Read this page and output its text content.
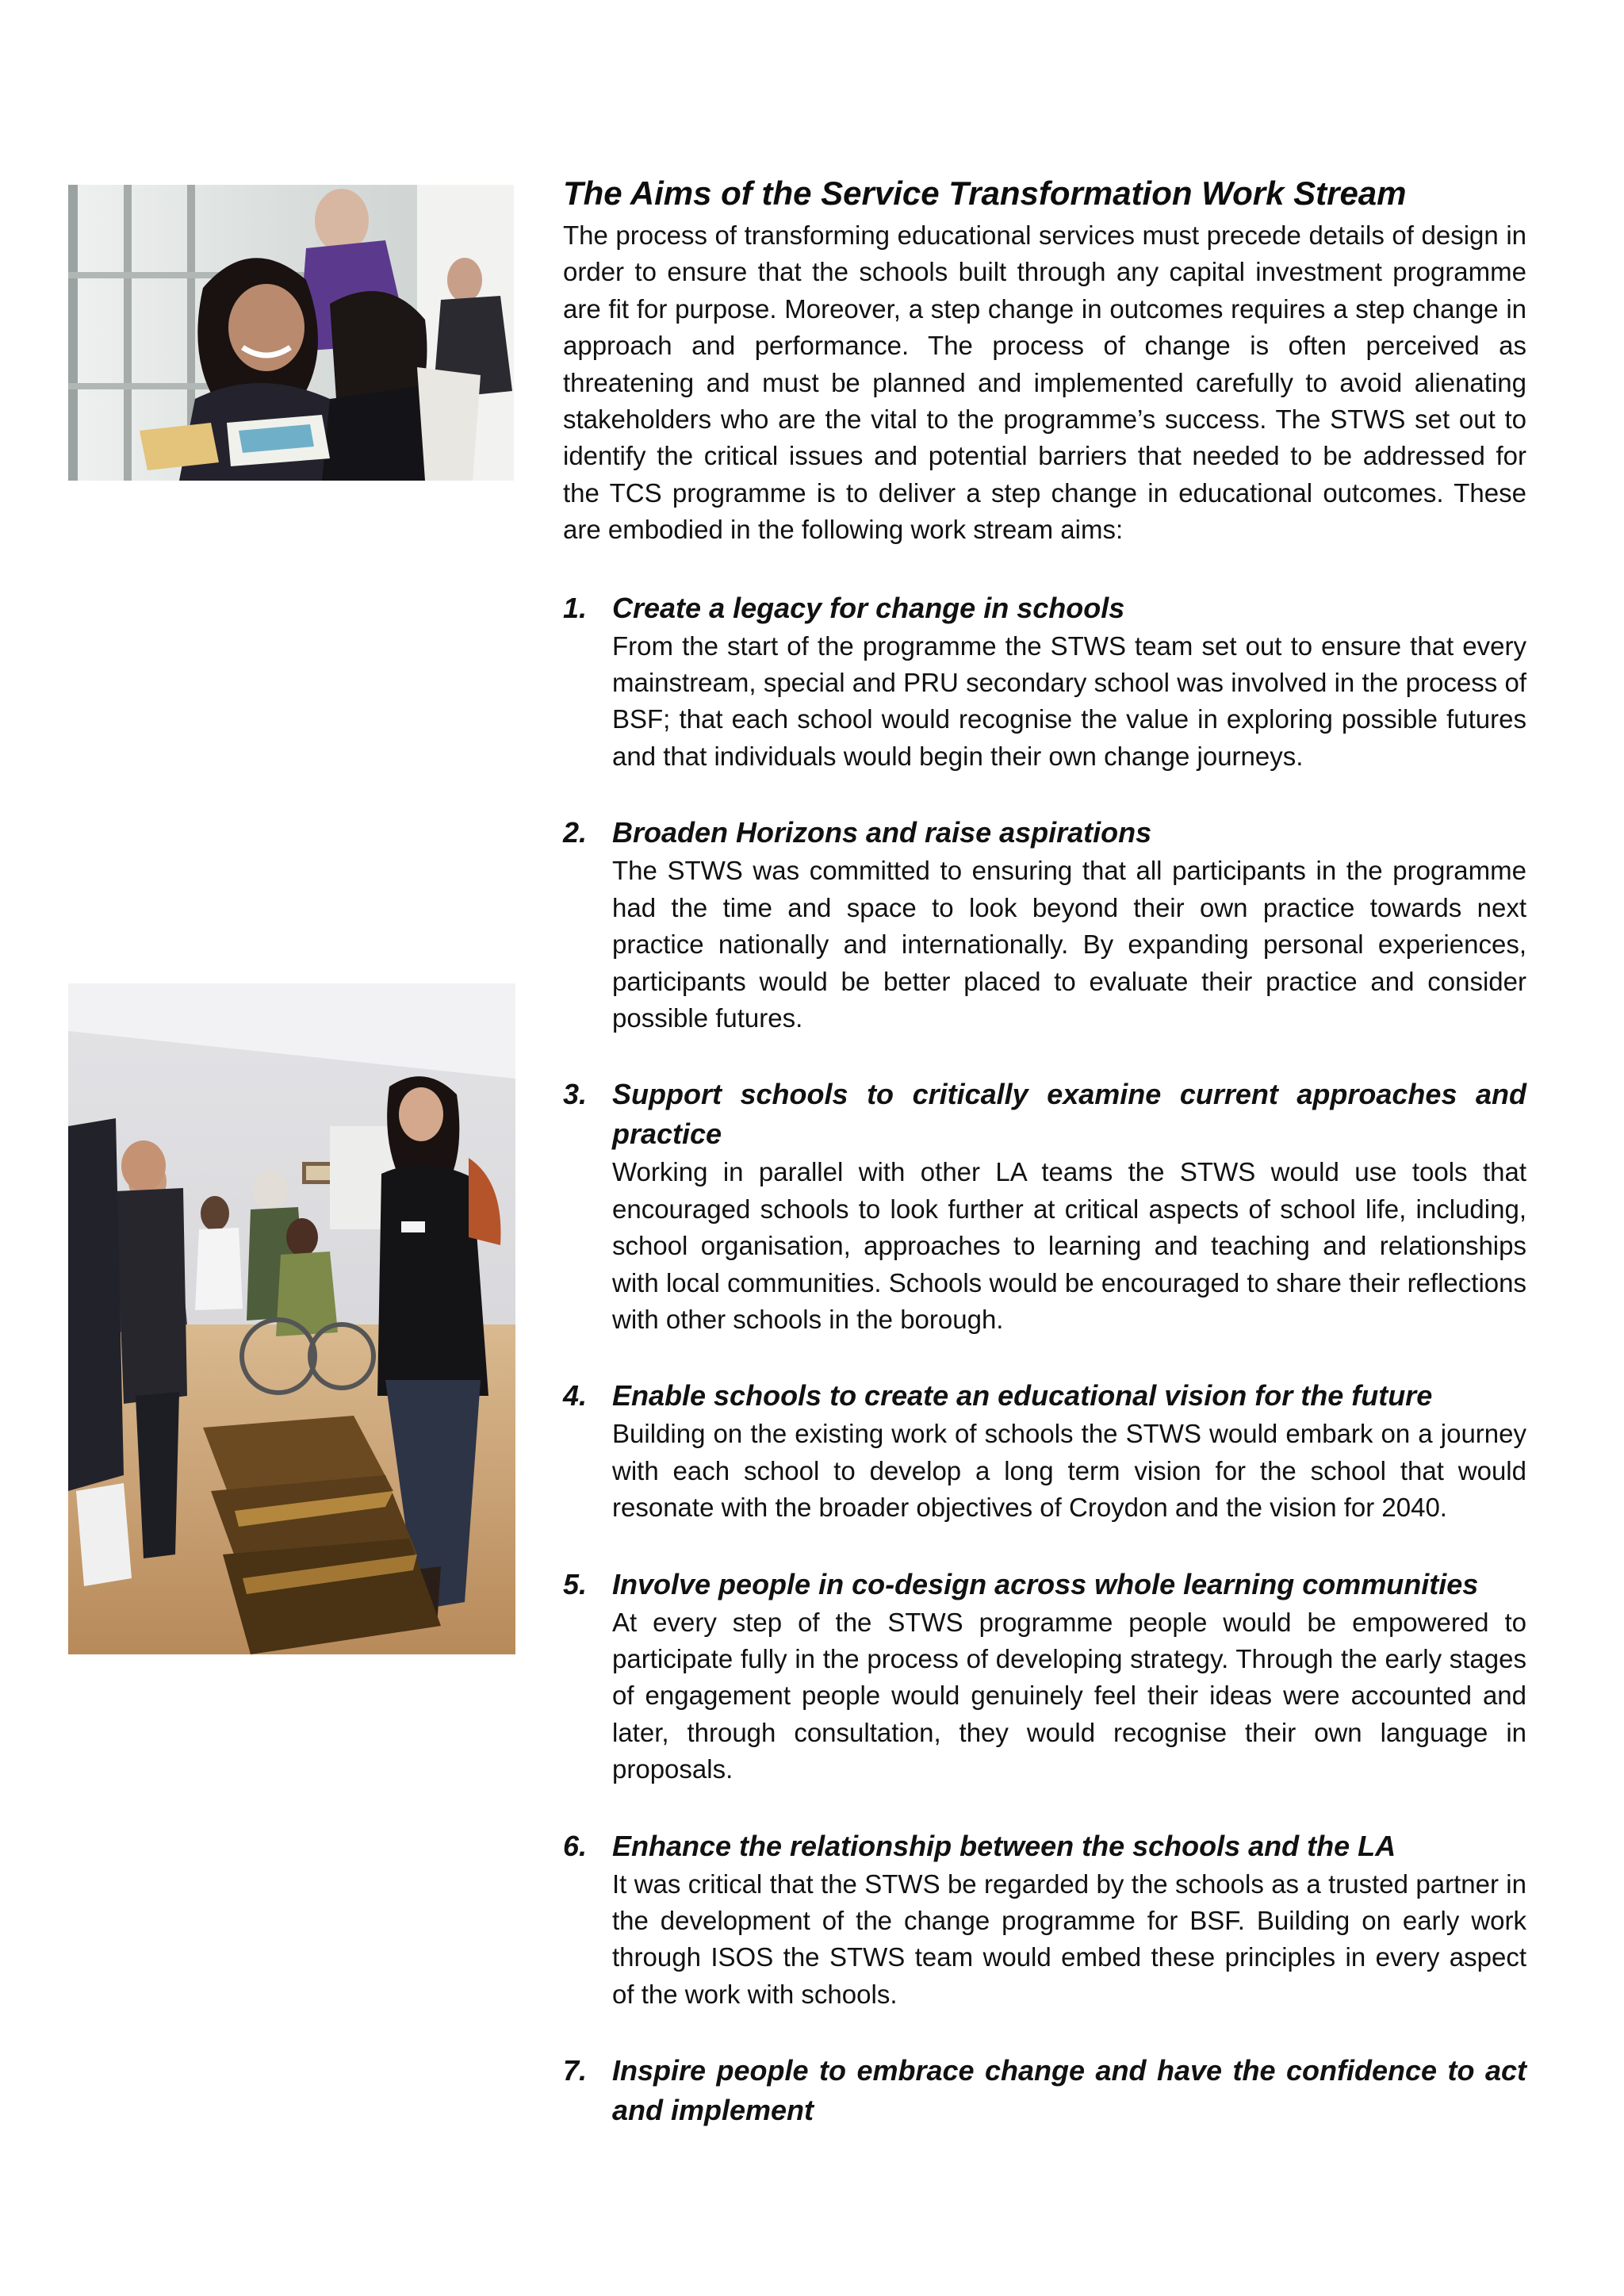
The Aims of the Service Transformation Work Stream

The process of transforming educational services must precede details of design in order to ensure that the schools built through any capital investment programme are fit for purpose. Moreover, a step change in outcomes requires a step change in approach and performance. The process of change is often perceived as threatening and must be planned and implemented carefully to avoid alienating stakeholders who are the vital to the programme’s success. The STWS set out to identify the critical issues and potential barriers that needed to be addressed for the TCS programme is to deliver a step change in educational outcomes. These are embodied in the following work stream aims:

1. Create a legacy for change in schools
From the start of the programme the STWS team set out to ensure that every mainstream, special and PRU secondary school was involved in the process of BSF; that each school would recognise the value in exploring possible futures and that individuals would begin their own change journeys.
2. Broaden Horizons and raise aspirations
The STWS was committed to ensuring that all participants in the programme had the time and space to look beyond their own practice towards next practice nationally and internationally. By expanding personal experiences, participants would be better placed to evaluate their practice and consider possible futures.
3. Support schools to critically examine current approaches and practice
Working in parallel with other LA teams the STWS would use tools that encouraged schools to look further at critical aspects of school life, including, school organisation, approaches to learning and teaching and relationships with local communities. Schools would be encouraged to share their reflections with other schools in the borough.
4. Enable schools to create an educational vision for the future
Building on the existing work of schools the STWS would embark on a journey with each school to develop a long term vision for the school that would resonate with the broader objectives of Croydon and the vision for 2040.
5. Involve people in co-design across whole learning communities
At every step of the STWS programme people would be empowered to participate fully in the process of developing strategy. Through the early stages of engagement people would genuinely feel their ideas were accounted and later, through consultation, they would recognise their own language in proposals.
6. Enhance the relationship between the schools and the LA
It was critical that the STWS be regarded by the schools as a trusted partner in the development of the change programme for BSF. Building on early work through ISOS the STWS team would embed these principles in every aspect of the work with schools.
7. Inspire people to embrace change and have the confidence to act and implement
